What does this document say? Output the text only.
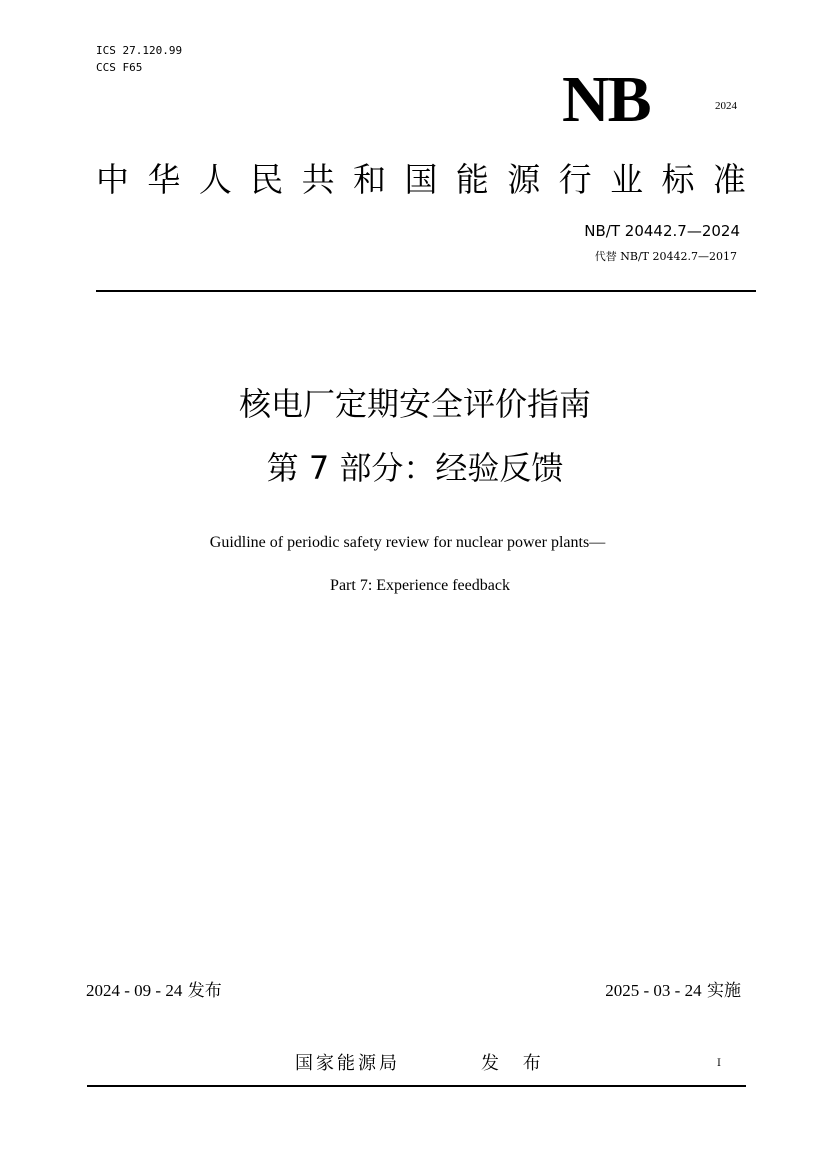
ICS 27.120.99
CCS F65	NB	2024
中 华 人 民 共 和 国 能 源 行 业 标 准
NB/T 20442.7—2024
代替 NB/T 20442.7—2017
核电厂定期安全评价指南
第 7 部分：经验反馈
Guidline of periodic safety review for nuclear power plants—
Part 7: Experience feedback
2024 - 09 - 24 发布	2025 - 03 - 24 实施
国家能源局	发 布	I
